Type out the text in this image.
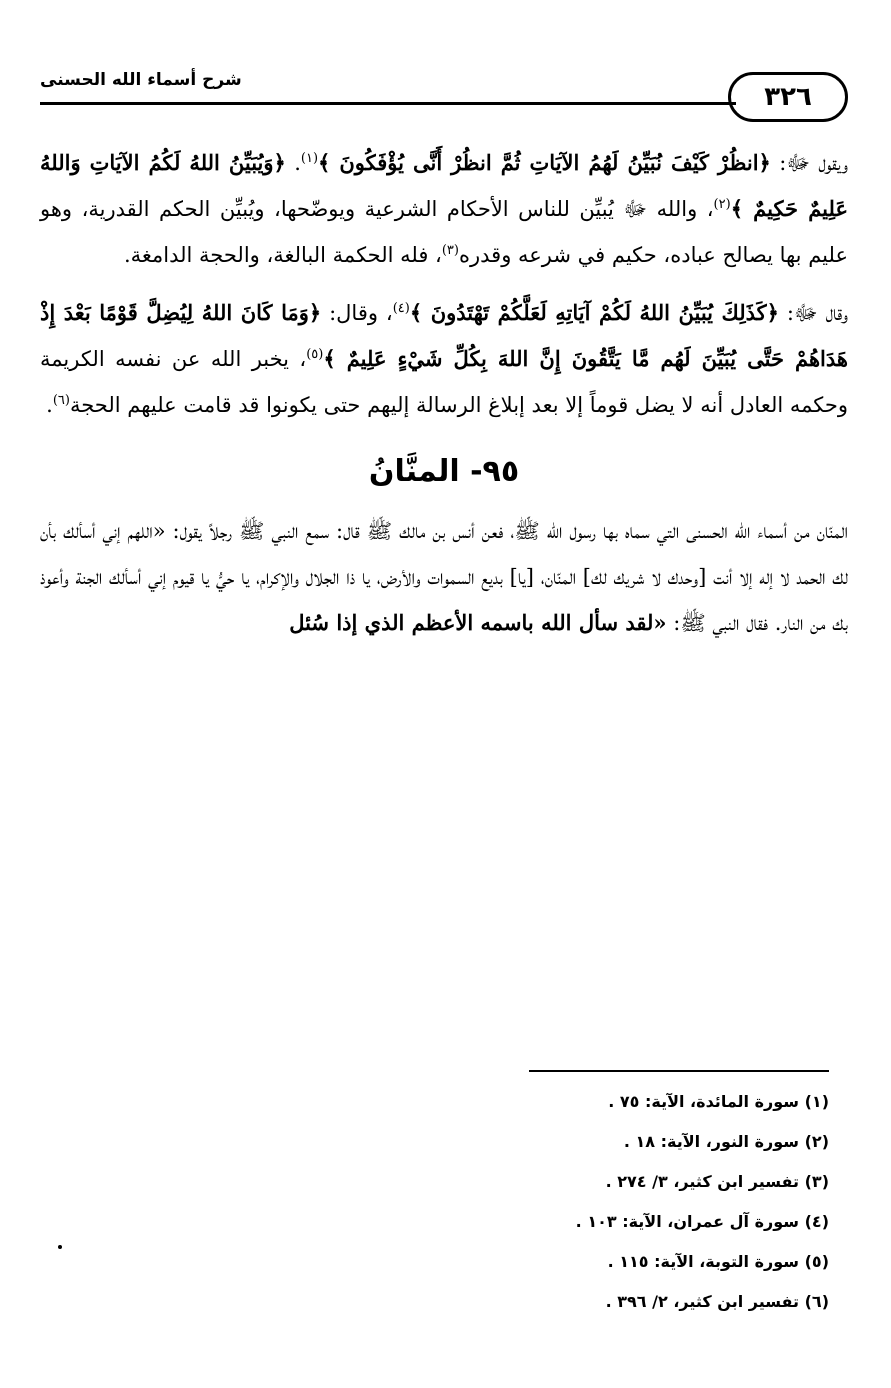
٣٢٦
شرح أسماء الله الحسنى

ويقول ﷻ: ﴿انظُرْ كَيْفَ نُبَيِّنُ لَهُمُ الآيَاتِ ثُمَّ انظُرْ أَنَّى يُؤْفَكُونَ ﴾$^{(١)}$. ﴿وَيُبَيِّنُ اللهُ لَكُمُ الآيَاتِ وَاللهُ عَلِيمٌ حَكِيمٌ ﴾$^{(٢)}$، والله ﷻ يُبيِّن للناس الأحكام الشرعية ويوضّحها، ويُبيِّن الحكم القدرية، وهو عليم بها يصالح عباده، حكيم في شرعه وقدره$^{(٣)}$، فله الحكمة البالغة، والحجة الدامغة.

وقال ﷻ: ﴿كَذَلِكَ يُبَيِّنُ اللهُ لَكُمْ آيَاتِهِ لَعَلَّكُمْ تَهْتَدُونَ ﴾$^{(٤)}$، وقال: ﴿وَمَا كَانَ اللهُ لِيُضِلَّ قَوْمًا بَعْدَ إِذْ هَدَاهُمْ حَتَّى يُبَيِّنَ لَهُم مَّا يَتَّقُونَ إِنَّ اللهَ بِكُلِّ شَيْءٍ عَلِيمٌ ﴾$^{(٥)}$، يخبر الله عن نفسه الكريمة وحكمه العادل أنه لا يضل قوماً إلا بعد إبلاغ الرسالة إليهم حتى يكونوا قد قامت عليهم الحجة$^{(٦)}$.

٩٥- المنَّانُ

المنّان من أسماء الله الحسنى التي سماه بها رسول الله ﷺ، فعن أنس بن مالك ﷺ قال: سمع النبي ﷺ رجلاً يقول: «اللهم إني أسألك بأن لك الحمد لا إله إلا أنت [وحدك لا شريك لك] المنّان، [يا] بديع السموات والأرض، يا ذا الجلال والإكرام، يا حيُّ يا قيوم إني أسألك الجنة وأعوذ بك من النار. فقال النبي ﷺ: «لقد سأل الله باسمه الأعظم الذي إذا سُئل

(١) سورة المائدة، الآية: ٧٥ .
(٢) سورة النور، الآية: ١٨ .
(٣) تفسير ابن كثير، ٣/ ٢٧٤ .
(٤) سورة آل عمران، الآية: ١٠٣ .
(٥) سورة التوبة، الآية: ١١٥ .
(٦) تفسير ابن كثير، ٢/ ٣٩٦ .
